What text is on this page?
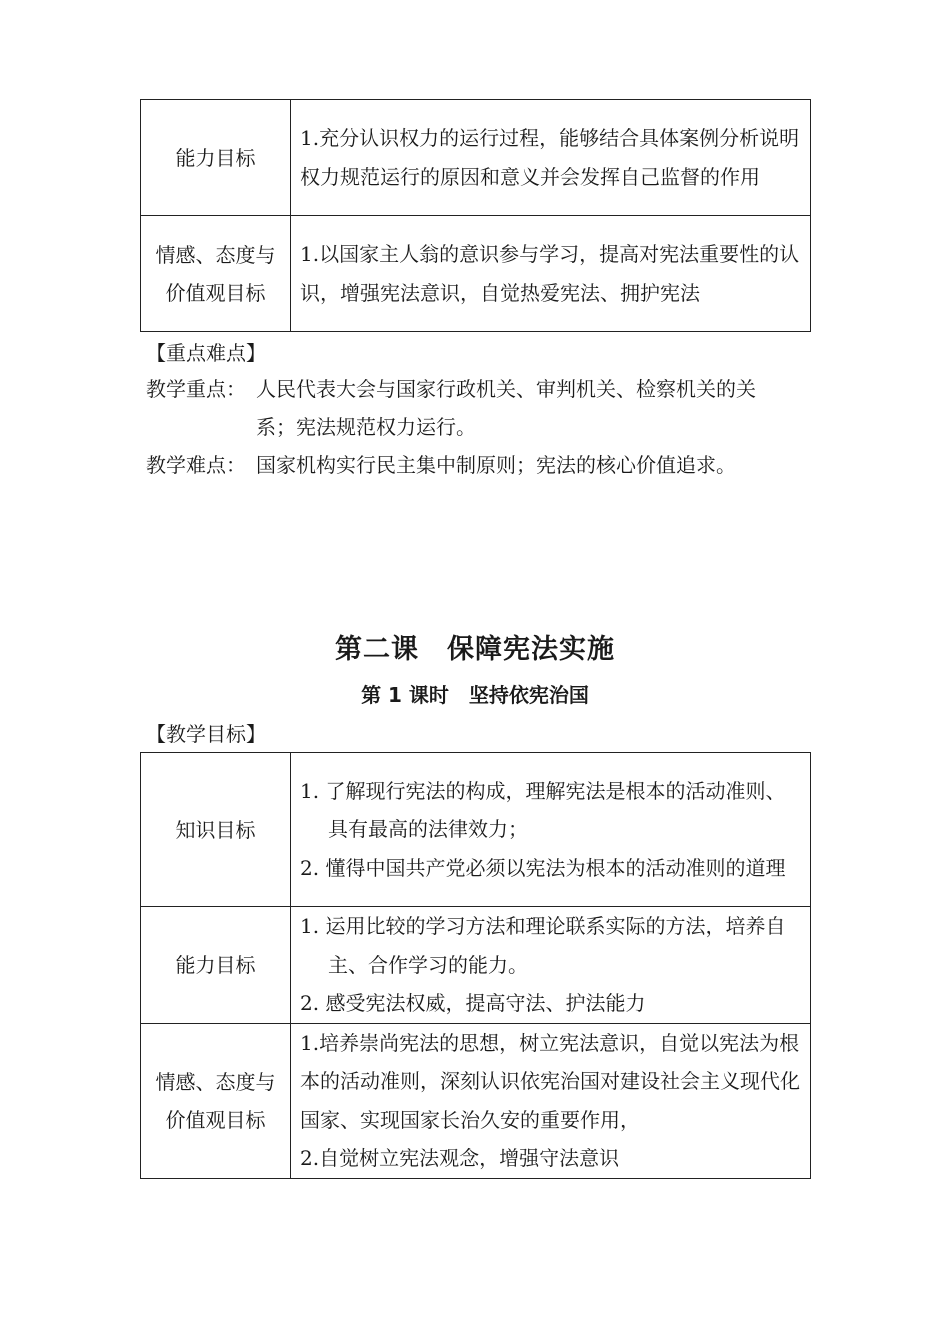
能力目标	1.充分认识权力的运行过程，能够结合具体案例分析说明权力规范运行的原因和意义并会发挥自己监督的作用

情感、态度与
价值观目标	1.以国家主人翁的意识参与学习，提高对宪法重要性的认识，增强宪法意识，自觉热爱宪法、拥护宪法
【重点难点】
教学重点： 人民代表大会与国家行政机关、审判机关、检察机关的关
系；宪法规范权力运行。
教学难点： 国家机构实行民主集中制原则；宪法的核心价值追求。
第二课　保障宪法实施
第 1 课时　坚持依宪治国
【教学目标】
知识目标	1. 了解现行宪法的构成，理解宪法是根本的活动准则、具有最高的法律效力；
2. 懂得中国共产党必须以宪法为根本的活动准则的道理

能力目标	1. 运用比较的学习方法和理论联系实际的方法，培养自主、合作学习的能力。
2. 感受宪法权威，提高守法、护法能力

情感、态度与
价值观目标	1.培养崇尚宪法的思想，树立宪法意识，自觉以宪法为根本的活动准则，深刻认识依宪治国对建设社会主义现代化国家、实现国家长治久安的重要作用，
2.自觉树立宪法观念，增强守法意识
